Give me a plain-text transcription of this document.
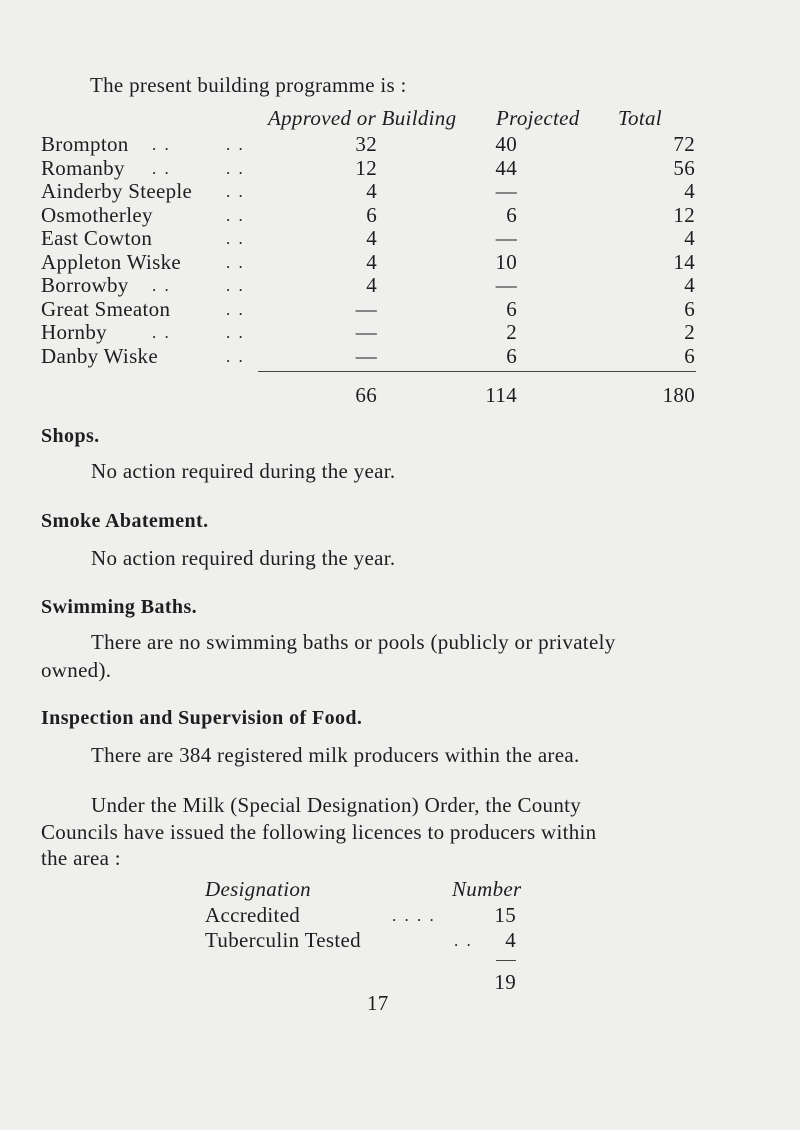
The present building programme is :
Approved or Building Projected Total
Brompton . .	. .	32	40	72
Romanby . .	. .	12	44	56
Ainderby Steeple . .	4	—	4
Osmotherley	. .	6	6	12
East Cowton	. .	4	—	4
Appleton Wiske	. .	4	10	14
Borrowby . .	. .	4	—	4
Great Smeaton	. .	—	6	6
Hornby	. .	. .	—	2	2
Danby Wiske	. .	—	6	6
66	114	180
Shops.
No action required during the year.
Smoke Abatement.
No action required during the year.
Swimming Baths.
There are no swimming baths or pools (publicly or privately
owned).
Inspection and Supervision of Food.
There are 384 registered milk producers within the area.
Under the Milk (Special Designation) Order, the County
Councils have issued the following licences to producers within
the area :
Designation	Number
Accredited	. . . .	15
Tuberculin Tested	. .	4
19
17
